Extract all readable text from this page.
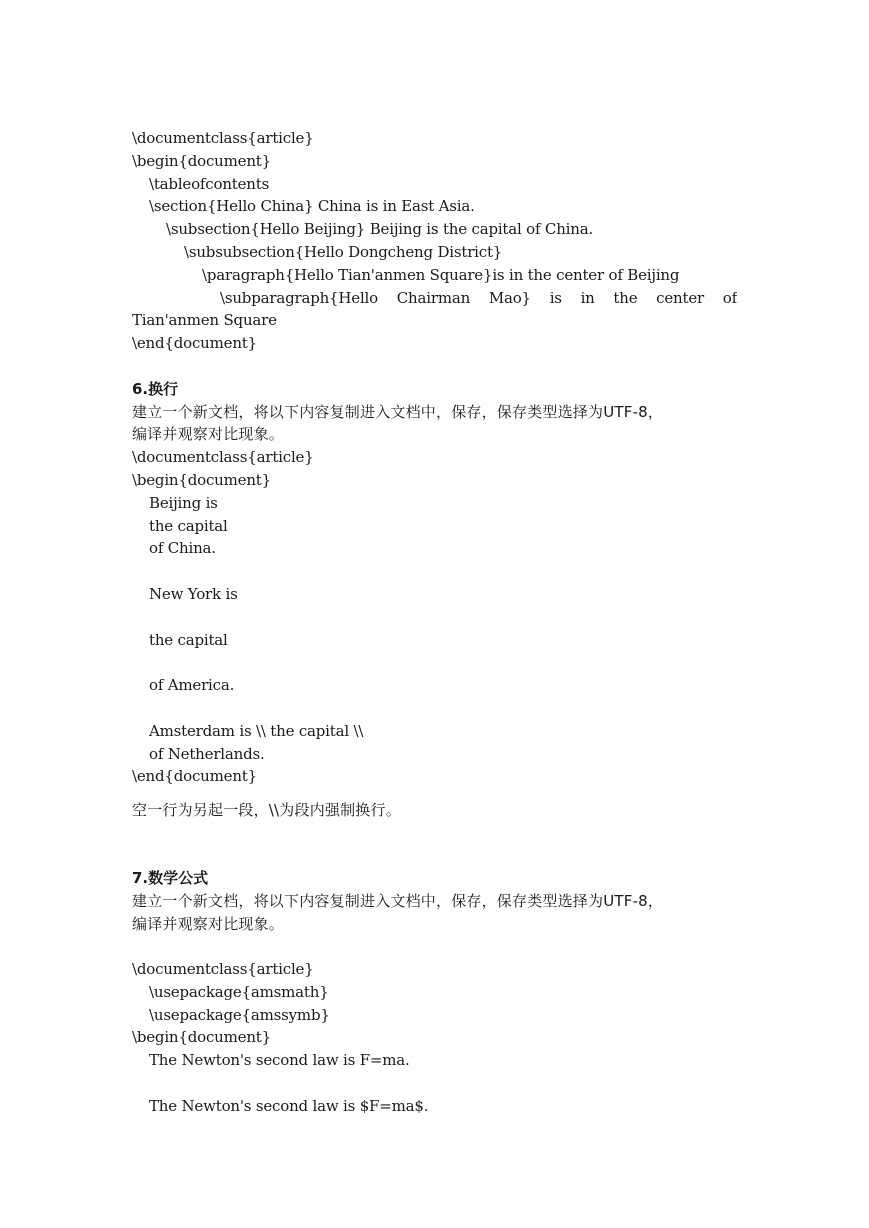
\documentclass{article}
\begin{document}
\tableofcontents
\section{Hello China} China is in East Asia.
\subsection{Hello Beijing} Beijing is the capital of China.
\subsubsection{Hello Dongcheng District}
\paragraph{Hello Tian'anmen Square}is in the center of Beijing
\subparagraph{Hello Chairman Mao} is in the center of
Tian'anmen Square
\end{document}
6.换行
建立一个新文档，将以下内容复制进入文档中，保存，保存类型选择为UTF-8，
编译并观察对比现象。
\documentclass{article}
\begin{document}
Beijing is
the capital
of China.
New York is
the capital
of America.
Amsterdam is \\ the capital \\
of Netherlands.
\end{document}
空一行为另起一段，\\为段内强制换行。
7.数学公式
建立一个新文档，将以下内容复制进入文档中，保存，保存类型选择为UTF-8，
编译并观察对比现象。
\documentclass{article}
\usepackage{amsmath}
\usepackage{amssymb}
\begin{document}
The Newton's second law is F=ma.
The Newton's second law is $F=ma$.
